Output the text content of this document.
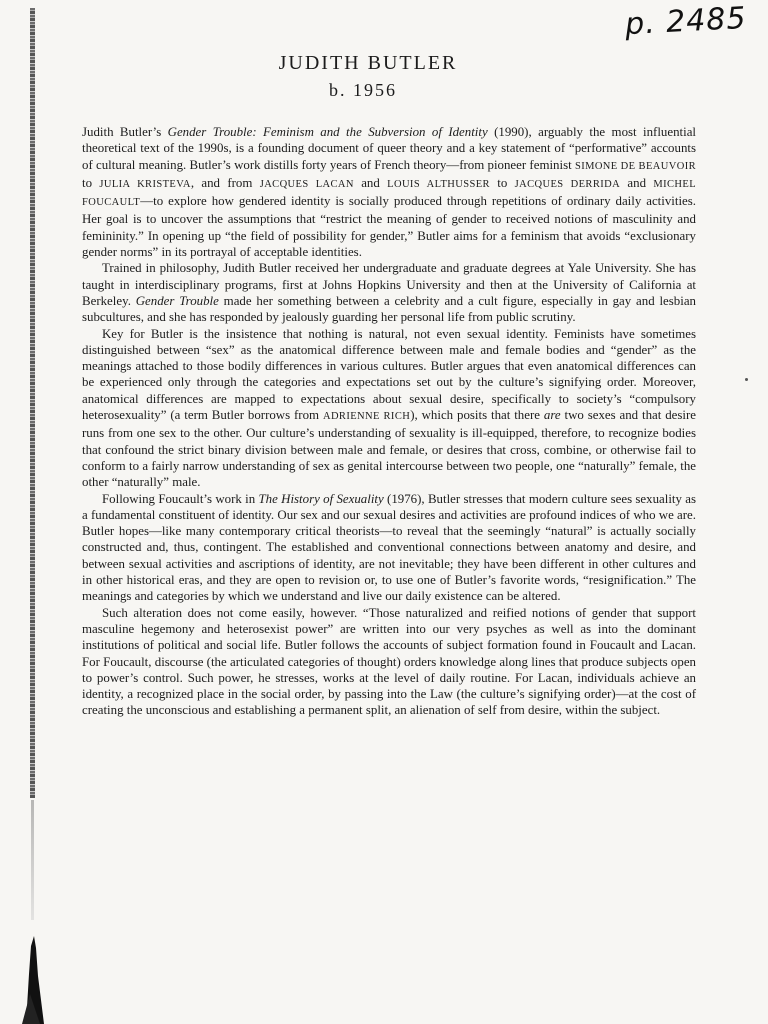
p. 2485
JUDITH BUTLER
b. 1956

Judith Butler’s Gender Trouble: Feminism and the Subversion of Identity (1990), arguably the most influential theoretical text of the 1990s, is a founding document of queer theory and a key statement of “performative” accounts of cultural meaning. Butler’s work distills forty years of French theory—from pioneer feminist SIMONE DE BEAUVOIR to JULIA KRISTEVA, and from JACQUES LACAN and LOUIS ALTHUSSER to JACQUES DERRIDA and MICHEL FOUCAULT—to explore how gendered identity is socially produced through repetitions of ordinary daily activities. Her goal is to uncover the assumptions that “restrict the meaning of gender to received notions of masculinity and femininity.” In opening up “the field of possibility for gender,” Butler aims for a feminism that avoids “exclusionary gender norms” in its portrayal of acceptable identities.

Trained in philosophy, Judith Butler received her undergraduate and graduate degrees at Yale University. She has taught in interdisciplinary programs, first at Johns Hopkins University and then at the University of California at Berkeley. Gender Trouble made her something between a celebrity and a cult figure, especially in gay and lesbian subcultures, and she has responded by jealously guarding her personal life from public scrutiny.

Key for Butler is the insistence that nothing is natural, not even sexual identity. Feminists have sometimes distinguished between “sex” as the anatomical difference between male and female bodies and “gender” as the meanings attached to those bodily differences in various cultures. Butler argues that even anatomical differences can be experienced only through the categories and expectations set out by the culture’s signifying order. Moreover, anatomical differences are mapped to expectations about sexual desire, specifically to society’s “compulsory heterosexuality” (a term Butler borrows from ADRIENNE RICH), which posits that there are two sexes and that desire runs from one sex to the other. Our culture’s understanding of sexuality is ill-equipped, therefore, to recognize bodies that confound the strict binary division between male and female, or desires that cross, combine, or otherwise fail to conform to a fairly narrow understanding of sex as genital intercourse between two people, one “naturally” female, the other “naturally” male.

Following Foucault’s work in The History of Sexuality (1976), Butler stresses that modern culture sees sexuality as a fundamental constituent of identity. Our sex and our sexual desires and activities are profound indices of who we are. Butler hopes—like many contemporary critical theorists—to reveal that the seemingly “natural” is actually socially constructed and, thus, contingent. The established and conventional connections between anatomy and desire, and between sexual activities and ascriptions of identity, are not inevitable; they have been different in other cultures and in other historical eras, and they are open to revision or, to use one of Butler’s favorite words, “resignification.” The meanings and categories by which we understand and live our daily existence can be altered.

Such alteration does not come easily, however. “Those naturalized and reified notions of gender that support masculine hegemony and heterosexist power” are written into our very psyches as well as into the dominant institutions of political and social life. Butler follows the accounts of subject formation found in Foucault and Lacan. For Foucault, discourse (the articulated categories of thought) orders knowledge along lines that produce subjects open to power’s control. Such power, he stresses, works at the level of daily routine. For Lacan, individuals achieve an identity, a recognized place in the social order, by passing into the Law (the culture’s signifying order)—at the cost of creating the unconscious and establishing a permanent split, an alienation of self from desire, within the subject.
